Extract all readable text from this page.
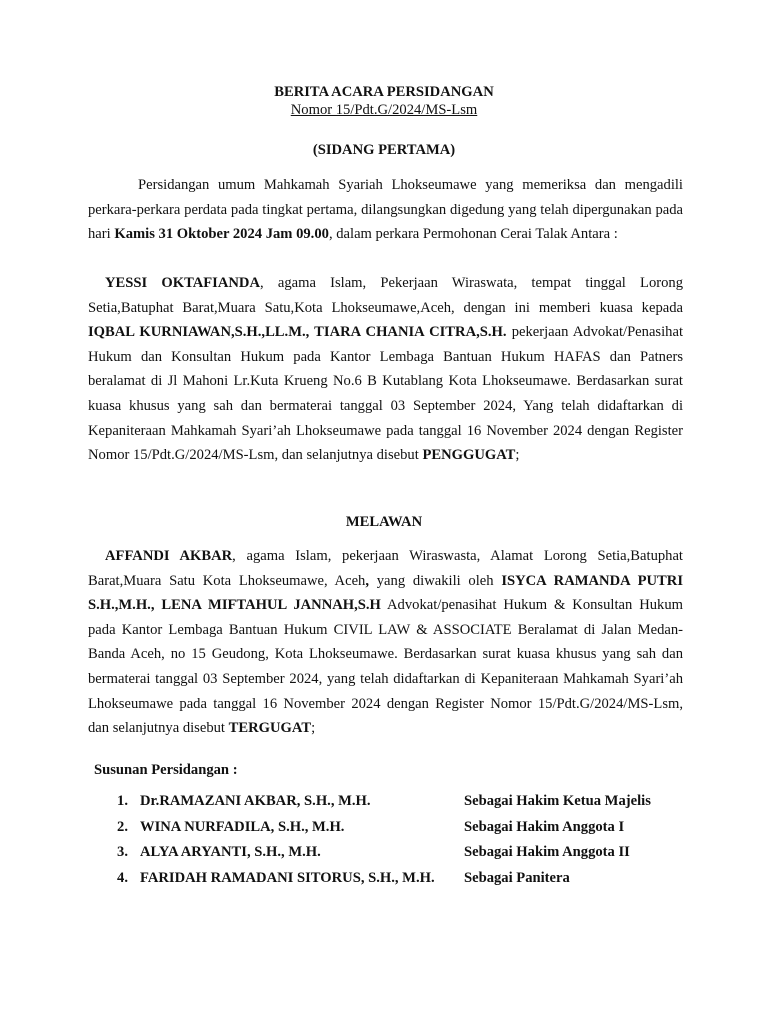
BERITA ACARA PERSIDANGAN
Nomor 15/Pdt.G/2024/MS-Lsm
(SIDANG PERTAMA)

Persidangan umum Mahkamah Syariah Lhokseumawe yang memeriksa dan mengadili perkara-perkara perdata pada tingkat pertama, dilangsungkan digedung yang telah dipergunakan pada hari Kamis 31 Oktober 2024 Jam 09.00, dalam perkara Permohonan Cerai Talak Antara :

YESSI OKTAFIANDA, agama Islam, Pekerjaan Wiraswata, tempat tinggal Lorong Setia,Batuphat Barat,Muara Satu,Kota Lhokseumawe,Aceh, dengan ini memberi kuasa kepada IQBAL KURNIAWAN,S.H.,LL.M., TIARA CHANIA CITRA,S.H. pekerjaan Advokat/Penasihat Hukum dan Konsultan Hukum pada Kantor Lembaga Bantuan Hukum HAFAS dan Patners beralamat di Jl Mahoni Lr.Kuta Krueng No.6 B Kutablang Kota Lhokseumawe. Berdasarkan surat kuasa khusus yang sah dan bermaterai tanggal 03 September 2024, Yang telah didaftarkan di Kepaniteraan Mahkamah Syari’ah Lhokseumawe pada tanggal 16 November 2024 dengan Register Nomor 15/Pdt.G/2024/MS-Lsm, dan selanjutnya disebut PENGGUGAT;

MELAWAN

AFFANDI AKBAR, agama Islam, pekerjaan Wiraswasta, Alamat Lorong Setia,Batuphat Barat,Muara Satu Kota Lhokseumawe, Aceh, yang diwakili oleh ISYCA RAMANDA PUTRI S.H.,M.H., LENA MIFTAHUL JANNAH,S.H Advokat/penasihat Hukum & Konsultan Hukum pada Kantor Lembaga Bantuan Hukum CIVIL LAW & ASSOCIATE Beralamat di Jalan Medan-Banda Aceh, no 15 Geudong, Kota Lhokseumawe. Berdasarkan surat kuasa khusus yang sah dan bermaterai tanggal 03 September 2024, yang telah didaftarkan di Kepaniteraan Mahkamah Syari’ah Lhokseumawe pada tanggal 16 November 2024 dengan Register Nomor 15/Pdt.G/2024/MS-Lsm, dan selanjutnya disebut TERGUGAT;

Susunan Persidangan :
1. Dr.RAMAZANI AKBAR, S.H., M.H.	Sebagai Hakim Ketua Majelis
2. WINA NURFADILA, S.H., M.H.	Sebagai Hakim Anggota I
3. ALYA ARYANTI, S.H., M.H.	Sebagai Hakim Anggota II
4. FARIDAH RAMADANI SITORUS, S.H., M.H. Sebagai Panitera
